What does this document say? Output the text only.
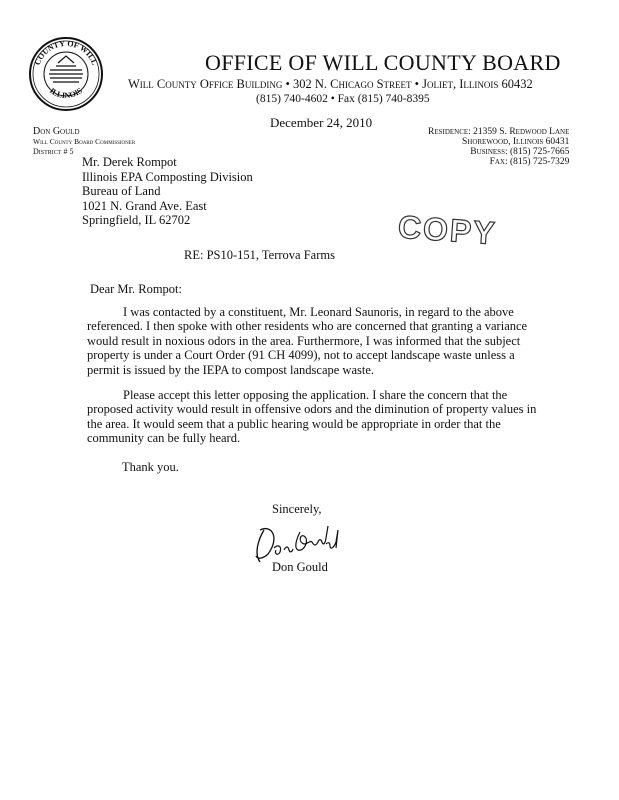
COUNTY OF WILL
ILLINOIS
OFFICE OF WILL COUNTY BOARD
Will County Office Building • 302 N. Chicago Street • Joliet, Illinois 60432
(815) 740-4602 • Fax (815) 740-8395
December 24, 2010
Don Gould
Will County Board Commissioner
District # 5
Residence: 21359 S. Redwood Lane
Shorewood, Illinois 60431
Business: (815) 725-7665
Fax: (815) 725-7329
Mr. Derek Rompot
Illinois EPA Composting Division
Bureau of Land
1021 N. Grand Ave. East
Springfield, IL 62702	COPY
RE: PS10-151, Terrova Farms
Dear Mr. Rompot:
I was contacted by a constituent, Mr. Leonard Saunoris, in regard to the above referenced. I then spoke with other residents who are concerned that granting a variance would result in noxious odors in the area. Furthermore, I was informed that the subject property is under a Court Order (91 CH 4099), not to accept landscape waste unless a permit is issued by the IEPA to compost landscape waste.
Please accept this letter opposing the application. I share the concern that the proposed activity would result in offensive odors and the diminution of property values in the area. It would seem that a public hearing would be appropriate in order that the community can be fully heard.
Thank you.
Sincerely,
Don Gould
